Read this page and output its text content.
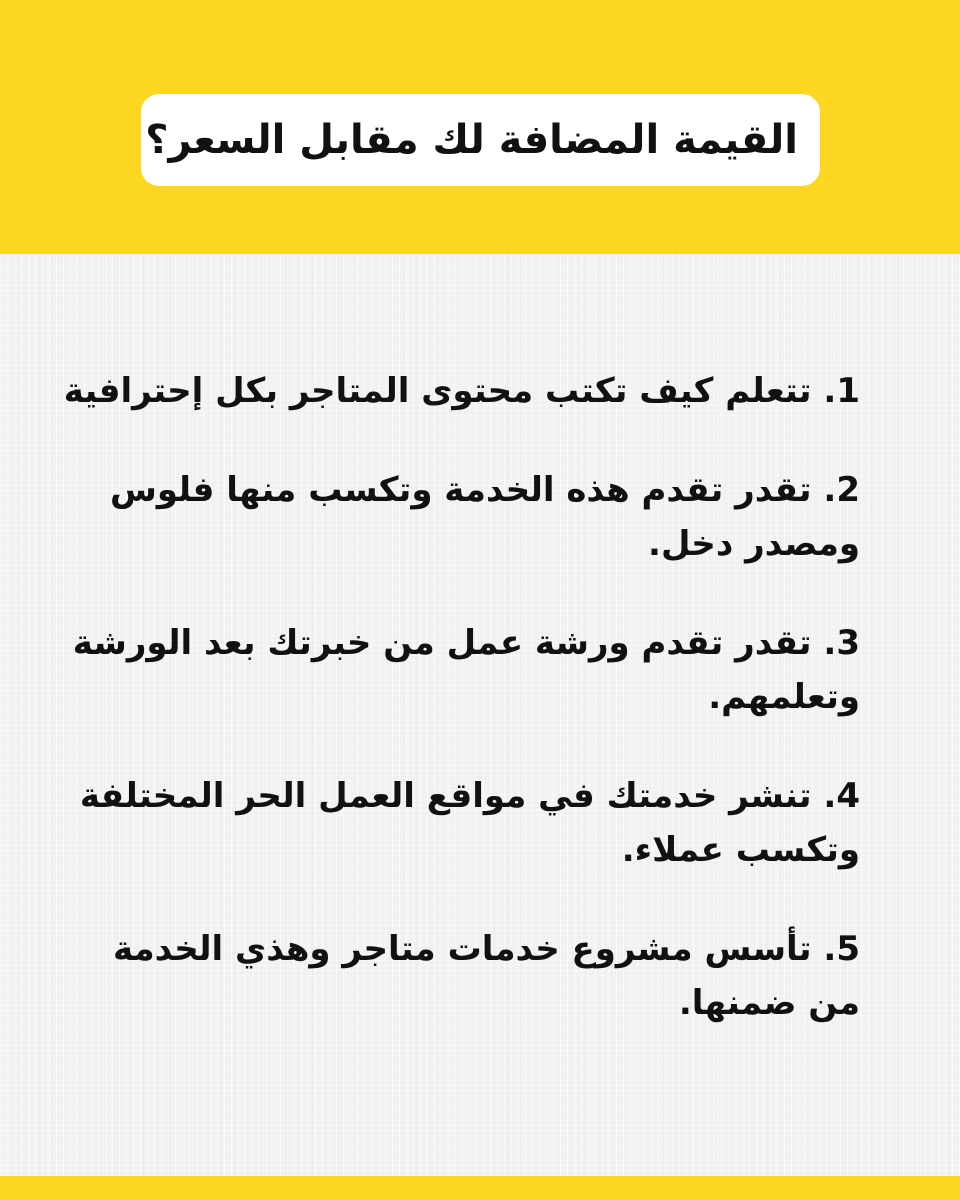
القيمة المضافة لك مقابل السعر؟
1. تتعلم كيف تكتب محتوى المتاجر بكل إحترافية
2. تقدر تقدم هذه الخدمة وتكسب منها فلوس ومصدر دخل.
3. تقدر تقدم ورشة عمل من خبرتك بعد الورشة وتعلمهم.
4. تنشر خدمتك في مواقع العمل الحر المختلفة وتكسب عملاء.
5. تأسس مشروع خدمات متاجر وهذي الخدمة من ضمنها.
